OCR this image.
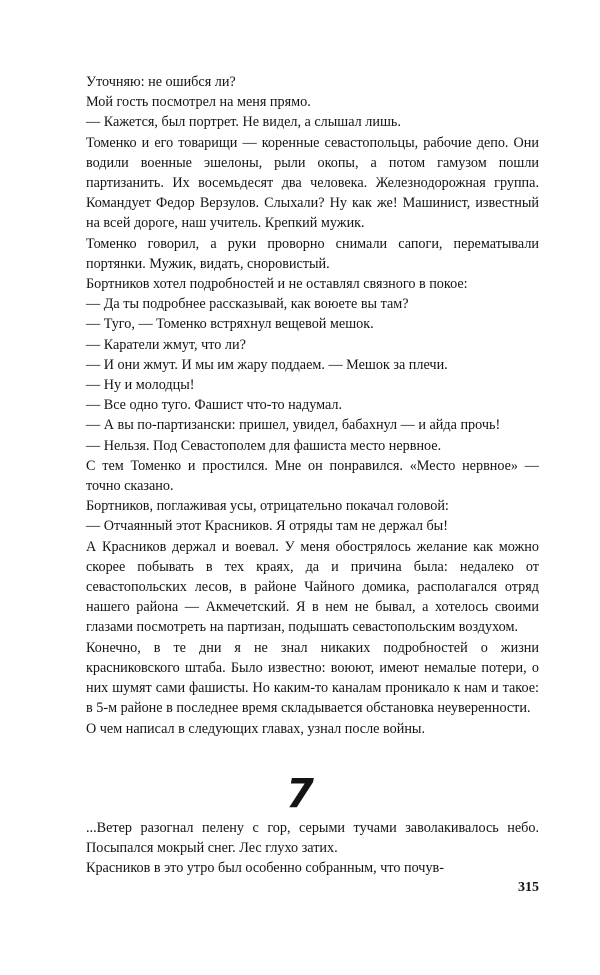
Уточняю: не ошибся ли?

Мой гость посмотрел на меня прямо.

— Кажется, был портрет. Не видел, а слышал лишь.

Томенко и его товарищи — коренные севастопольцы, рабочие депо. Они водили военные эшелоны, рыли окопы, а потом гамузом пошли партизанить. Их восемьдесят два человека. Железнодорожная группа. Командует Федор Верзулов. Слыхали? Ну как же! Машинист, известный на всей дороге, наш учитель. Крепкий мужик.

Томенко говорил, а руки проворно снимали сапоги, перематывали портянки. Мужик, видать, сноровистый.

Бортников хотел подробностей и не оставлял связного в покое:

— Да ты подробнее рассказывай, как воюете вы там?

— Туго, — Томенко встряхнул вещевой мешок.

— Каратели жмут, что ли?

— И они жмут. И мы им жару поддаем. — Мешок за плечи.

— Ну и молодцы!

— Все одно туго. Фашист что-то надумал.

— А вы по-партизански: пришел, увидел, бабахнул — и айда прочь!

— Нельзя. Под Севастополем для фашиста место нервное.

С тем Томенко и простился. Мне он понравился. «Место нервное» — точно сказано.

Бортников, поглаживая усы, отрицательно покачал головой:

— Отчаянный этот Красников. Я отряды там не держал бы!

А Красников держал и воевал. У меня обострялось желание как можно скорее побывать в тех краях, да и причина была: недалеко от севастопольских лесов, в районе Чайного домика, располагался отряд нашего района — Акмечетский. Я в нем не бывал, а хотелось своими глазами посмотреть на партизан, подышать севастопольским воздухом.

Конечно, в те дни я не знал никаких подробностей о жизни красниковского штаба. Было известно: воюют, имеют немалые потери, о них шумят сами фашисты. Но каким-то каналам проникало к нам и такое: в 5-м районе в последнее время складывается обстановка неуверенности.

О чем написал в следующих главах, узнал после войны.

7

...Ветер разогнал пелену с гор, серыми тучами заволакивалось небо. Посыпался мокрый снег. Лес глухо затих.

Красников в это утро был особенно собранным, что почув-

315
